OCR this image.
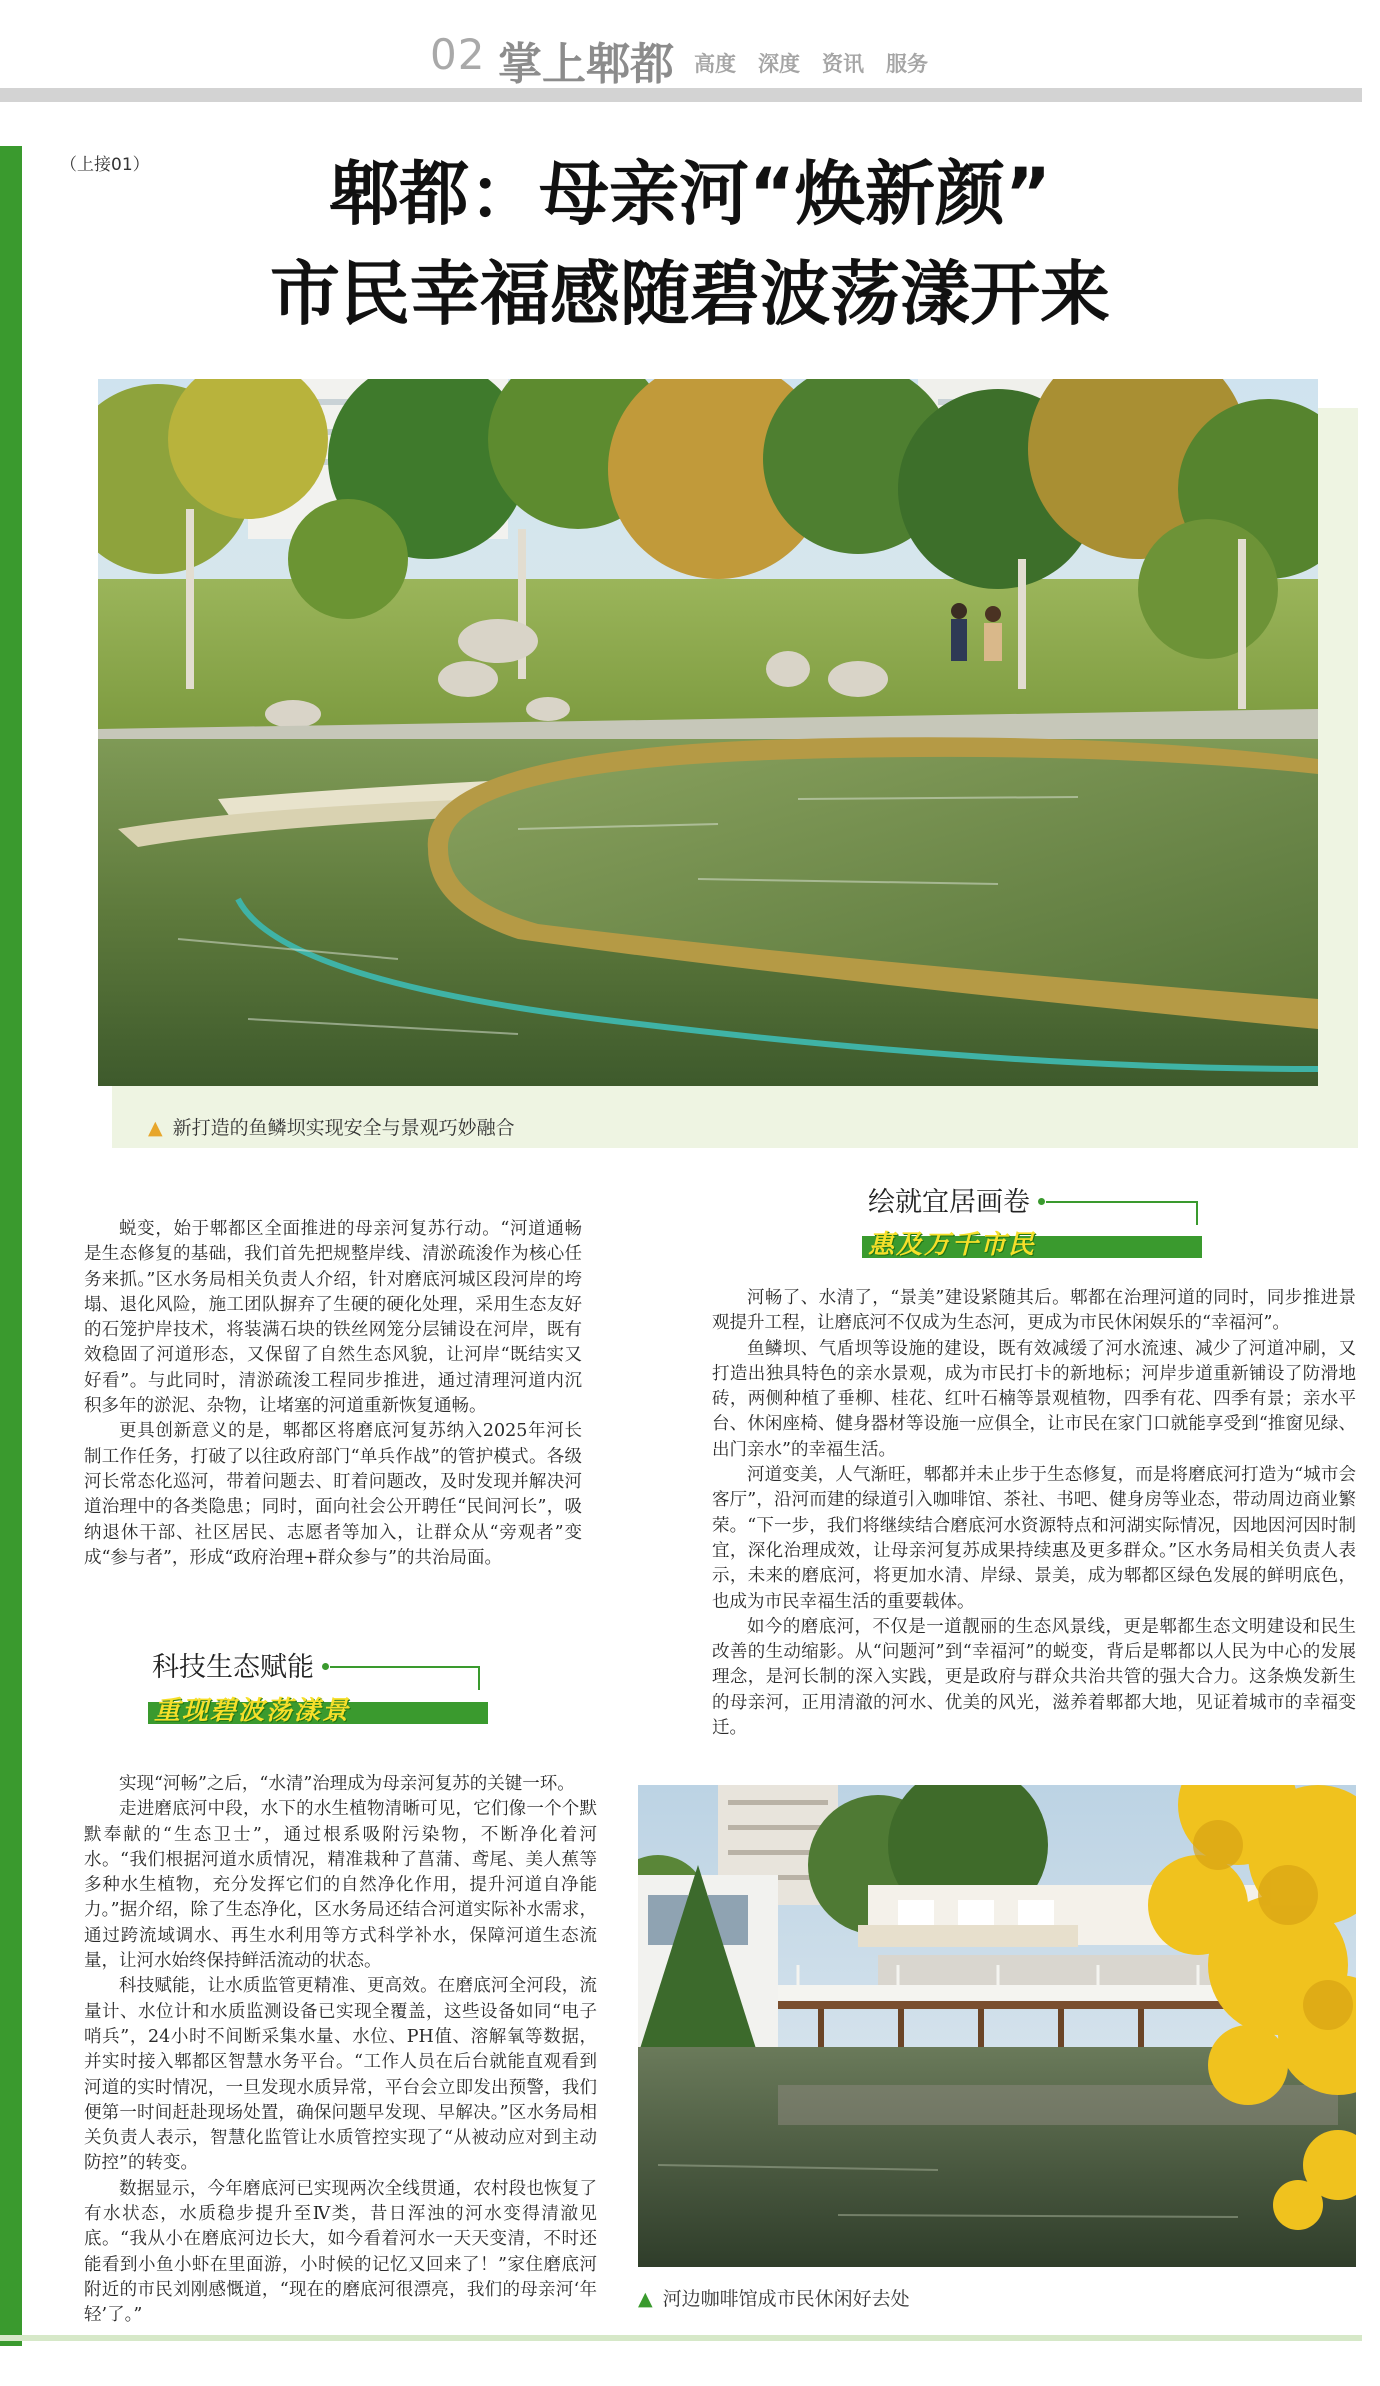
02 掌上郫都 高度 深度 资讯 服务
（上接01）	郫都：母亲河“焕新颜”
市民幸福感随碧波荡漾开来
▲ 新打造的鱼鳞坝实现安全与景观巧妙融合

蜕变，始于郫都区全面推进的母亲河复苏行动。“河道通畅是生态修复的基础，我们首先把规整岸线、清淤疏浚作为核心任务来抓。”区水务局相关负责人介绍，针对磨底河城区段河岸的垮塌、退化风险，施工团队摒弃了生硬的硬化处理，采用生态友好的石笼护岸技术，将装满石块的铁丝网笼分层铺设在河岸，既有效稳固了河道形态，又保留了自然生态风貌，让河岸“既结实又好看”。与此同时，清淤疏浚工程同步推进，通过清理河道内沉积多年的淤泥、杂物，让堵塞的河道重新恢复通畅。

更具创新意义的是，郫都区将磨底河复苏纳入2025年河长制工作任务，打破了以往政府部门“单兵作战”的管护模式。各级河长常态化巡河，带着问题去、盯着问题改，及时发现并解决河道治理中的各类隐患；同时，面向社会公开聘任“民间河长”，吸纳退休干部、社区居民、志愿者等加入，让群众从“旁观者”变成“参与者”，形成“政府治理+群众参与”的共治局面。

科技生态赋能
重现碧波荡漾景

实现“河畅”之后，“水清”治理成为母亲河复苏的关键一环。

走进磨底河中段，水下的水生植物清晰可见，它们像一个个默默奉献的“生态卫士”，通过根系吸附污染物，不断净化着河水。“我们根据河道水质情况，精准栽种了菖蒲、鸢尾、美人蕉等多种水生植物，充分发挥它们的自然净化作用，提升河道自净能力。”据介绍，除了生态净化，区水务局还结合河道实际补水需求，通过跨流域调水、再生水利用等方式科学补水，保障河道生态流量，让河水始终保持鲜活流动的状态。

科技赋能，让水质监管更精准、更高效。在磨底河全河段，流量计、水位计和水质监测设备已实现全覆盖，这些设备如同“电子哨兵”，24小时不间断采集水量、水位、PH值、溶解氧等数据，并实时接入郫都区智慧水务平台。“工作人员在后台就能直观看到河道的实时情况，一旦发现水质异常，平台会立即发出预警，我们便第一时间赶赴现场处置，确保问题早发现、早解决。”区水务局相关负责人表示，智慧化监管让水质管控实现了“从被动应对到主动防控”的转变。

数据显示，今年磨底河已实现两次全线贯通，农村段也恢复了有水状态，水质稳步提升至Ⅳ类，昔日浑浊的河水变得清澈见底。“我从小在磨底河边长大，如今看着河水一天天变清，不时还能看到小鱼小虾在里面游，小时候的记忆又回来了！”家住磨底河附近的市民刘刚感慨道，“现在的磨底河很漂亮，我们的母亲河‘年轻’了。”

绘就宜居画卷
惠及万千市民

河畅了、水清了，“景美”建设紧随其后。郫都在治理河道的同时，同步推进景观提升工程，让磨底河不仅成为生态河，更成为市民休闲娱乐的“幸福河”。

鱼鳞坝、气盾坝等设施的建设，既有效减缓了河水流速、减少了河道冲刷，又打造出独具特色的亲水景观，成为市民打卡的新地标；河岸步道重新铺设了防滑地砖，两侧种植了垂柳、桂花、红叶石楠等景观植物，四季有花、四季有景；亲水平台、休闲座椅、健身器材等设施一应俱全，让市民在家门口就能享受到“推窗见绿、出门亲水”的幸福生活。

河道变美，人气渐旺，郫都并未止步于生态修复，而是将磨底河打造为“城市会客厅”，沿河而建的绿道引入咖啡馆、茶社、书吧、健身房等业态，带动周边商业繁荣。“下一步，我们将继续结合磨底河水资源特点和河湖实际情况，因地因河因时制宜，深化治理成效，让母亲河复苏成果持续惠及更多群众。”区水务局相关负责人表示，未来的磨底河，将更加水清、岸绿、景美，成为郫都区绿色发展的鲜明底色，也成为市民幸福生活的重要载体。

如今的磨底河，不仅是一道靓丽的生态风景线，更是郫都生态文明建设和民生改善的生动缩影。从“问题河”到“幸福河”的蜕变，背后是郫都以人民为中心的发展理念，是河长制的深入实践，更是政府与群众共治共管的强大合力。这条焕发新生的母亲河，正用清澈的河水、优美的风光，滋养着郫都大地，见证着城市的幸福变迁。

▲ 河边咖啡馆成市民休闲好去处
